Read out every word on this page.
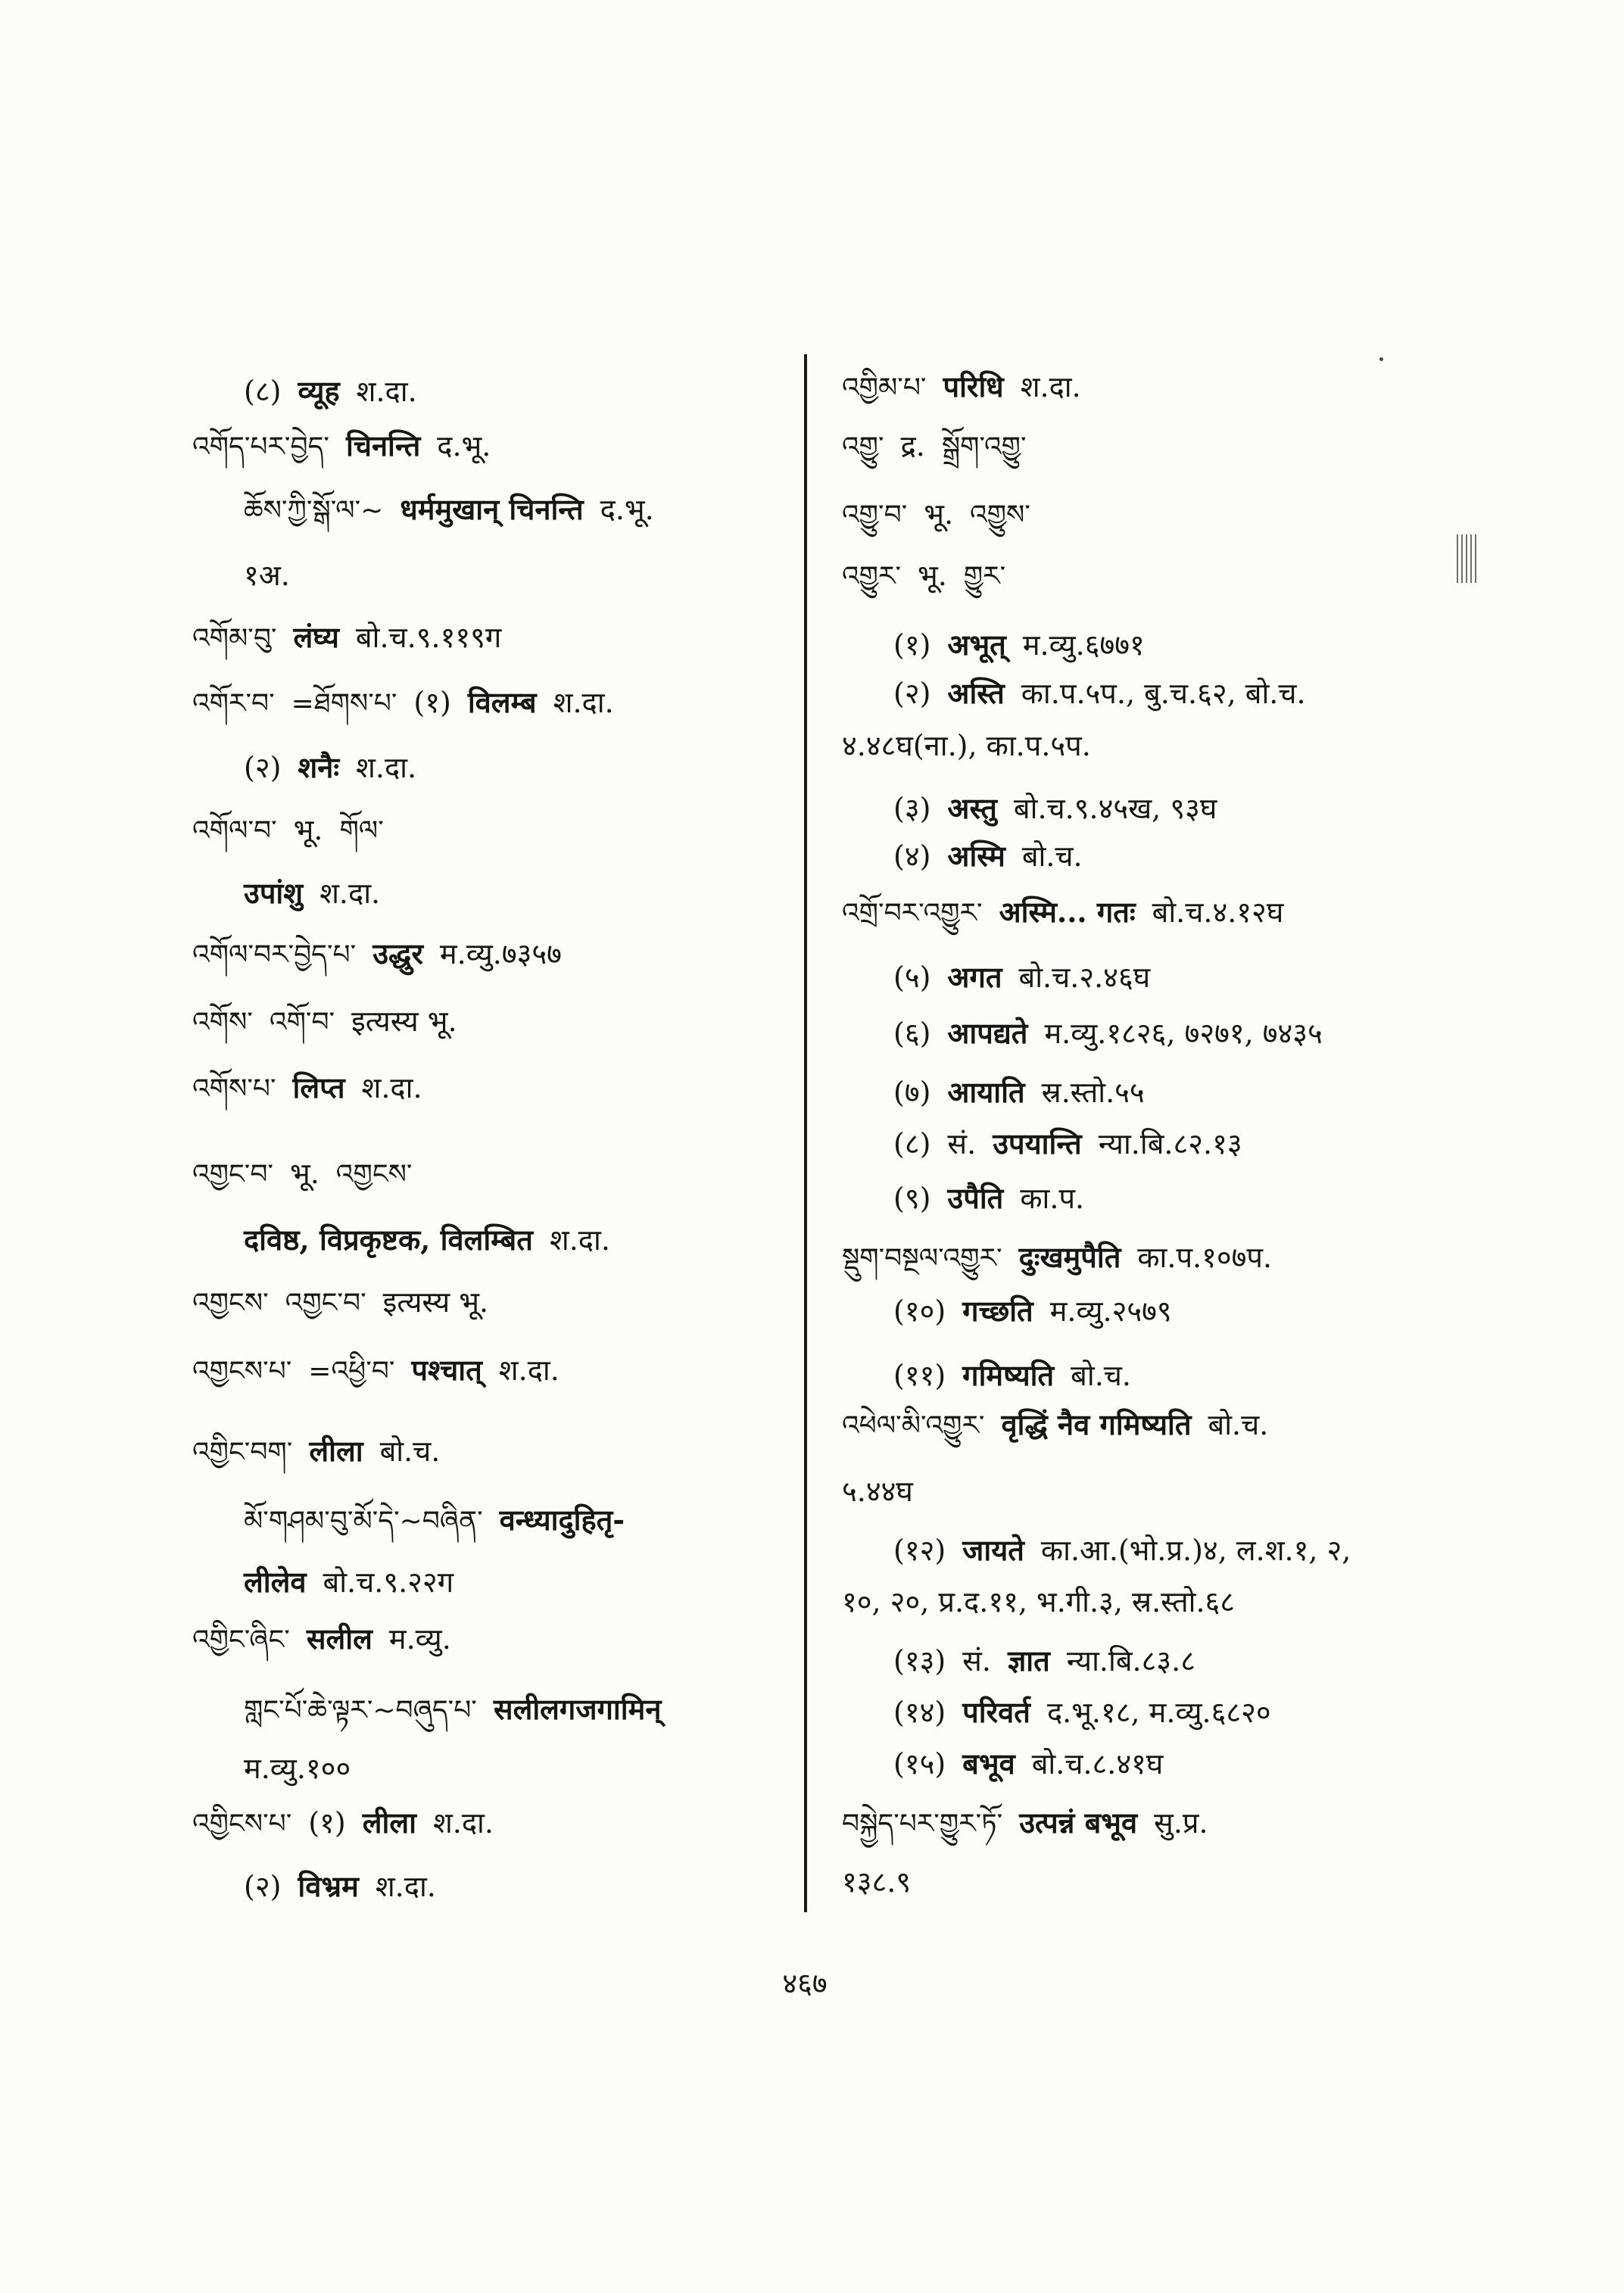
(८) व्यूह श.दा.
འགོད་པར་བྱེད་ चिनन्ति द.भू.
ཆོས་ཀྱི་སྒོ་ལ་~ धर्ममुखान् चिनन्ति द.भू.
१अ.
འགོམ་བུ་ लंघ्य बो.च.९.११९ग
འགོར་བ་ =ཐོགས་པ་ (१) विलम्ब श.दा.
(२) शनैः श.दा.
འགོལ་བ་ भू. གོལ་
उपांशु श.दा.
འགོལ་བར་བྱེད་པ་ उद्धुर म.व्यु.७३५७
འགོས་ འགོ་བ་ इत्यस्य भू.
འགོས་པ་ लिप्त श.दा.
འགྱང་བ་ भू. འགྱངས་
दविष्ठ, विप्रकृष्टक, विलम्बित श.दा.
འགྱངས་ འགྱང་བ་ इत्यस्य भू.
འགྱངས་པ་ =འཕྱི་བ་ पश्चात् श.दा.
འགྱིང་བག་ लीला बो.च.
མོ་གཤམ་བུ་མོ་དེ་~བཞིན་ वन्ध्यादुहितृ-
लीलेव बो.च.९.२२ग
འགྱིང་ཞིང་ सलील म.व्यु.
གླང་པོ་ཆེ་ལྟར་~བཞུད་པ་ सलीलगजगामिन्
म.व्यु.१००
འགྱིངས་པ་ (१) लीला श.दा.
(२) विभ्रम श.दा.
འགྱིམ་པ་ परिधि श.दा.
འགྱུ་ द्र. སྒྲོག་འགྱུ་
འགྱུ་བ་ भू. འགྱུས་
འགྱུར་ भू. གྱུར་
(१) अभूत् म.व्यु.६७७१
(२) अस्ति का.प.५प., बु.च.६२, बो.च.
४.४८घ(ना.), का.प.५प.
(३) अस्तु बो.च.९.४५ख, ९३घ
(४) अस्मि बो.च.
འགྲོ་བར་འགྱུར་ अस्मि... गतः बो.च.४.१२घ
(५) अगत बो.च.२.४६घ
(६) आपद्यते म.व्यु.१८२६, ७२७१, ७४३५
(७) आयाति स्र.स्तो.५५
(८) सं. उपयान्ति न्या.बि.८२.१३
(९) उपैति का.प.
སྡུག་བསྔལ་འགྱུར་ दुःखमुपैति का.प.१०७प.
(१०) गच्छति म.व्यु.२५७९
(११) गमिष्यति बो.च.
འཕེལ་མི་འགྱུར་ वृद्धिं नैव गमिष्यति बो.च.
५.४४घ
(१२) जायते का.आ.(भो.प्र.)४, ल.श.१, २,
१०, २०, प्र.द.११, भ.गी.३, स्र.स्तो.६८
(१३) सं. ज्ञात न्या.बि.८३.८
(१४) परिवर्त द.भू.१८, म.व्यु.६८२०
(१५) बभूव बो.च.८.४१घ
བསྐྱེད་པར་གྱུར་ཏོ་ उत्पन्नं बभूव सु.प्र.
१३८.९
४६७
